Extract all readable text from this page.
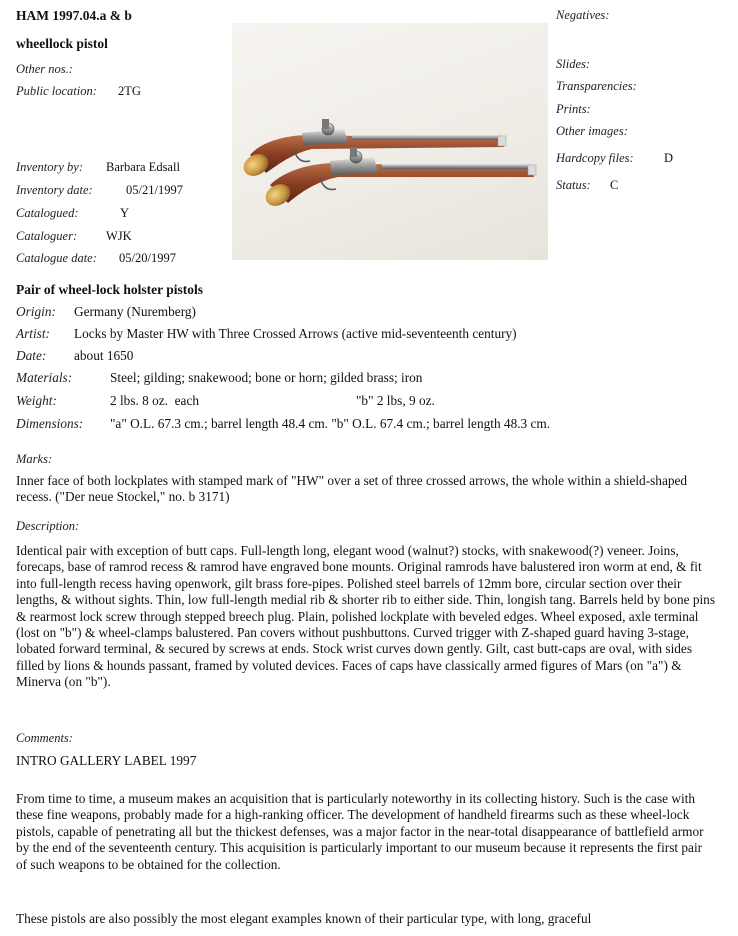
HAM 1997.04.a & b
wheellock pistol
Other nos.:
Public location: 2TG
Inventory by: Barbara Edsall
Inventory date:	05/21/1997
Catalogued:	Y
Cataloguer: WJK
Catalogue date: 05/20/1997
Negatives:
Slides:
Transparencies:
Prints:
Other images:
Hardcopy files: D
Status: C
Pair of wheel-lock holster pistols
Origin: Germany (Nuremberg)
Artist: Locks by Master HW with Three Crossed Arrows (active mid-seventeenth century)
Date: about 1650
Materials:	Steel; gilding; snakewood; bone or horn; gilded brass; iron
Weight:	2 lbs. 8 oz.  each	"b" 2 lbs, 9 oz.
Dimensions: "a" O.L. 67.3 cm.; barrel length 48.4 cm. "b" O.L. 67.4 cm.; barrel length 48.3 cm.
Marks:
Inner face of both lockplates with stamped mark of "HW" over a set of three crossed arrows, the whole within a shield-shaped recess. ("Der neue Stockel," no. b 3171)
Description:
Identical pair with exception of butt caps. Full-length long, elegant wood (walnut?) stocks, with snakewood(?) veneer. Joins, forecaps, base of ramrod recess & ramrod have engraved bone mounts. Original ramrods have balustered iron worm at end, & fit into full-length recess having openwork, gilt brass fore-pipes. Polished steel barrels of 12mm bore, circular section over their lengths, & without sights. Thin, low full-length medial rib & shorter rib to either side. Thin, longish tang. Barrels held by bone pins & rearmost lock screw through stepped breech plug. Plain, polished lockplate with beveled edges. Wheel exposed, axle terminal (lost on "b") & wheel-clamps balustered. Pan covers without pushbuttons. Curved trigger with Z-shaped guard having 3-stage, lobated forward terminal, & secured by screws at ends. Stock wrist curves down gently. Gilt, cast butt-caps are oval, with sides filled by lions & hounds passant, framed by voluted devices. Faces of caps have classically armed figures of Mars (on "a") & Minerva (on "b").
Comments:
INTRO GALLERY LABEL 1997
From time to time, a museum makes an acquisition that is particularly noteworthy in its collecting history. Such is the case with these fine weapons, probably made for a high-ranking officer. The development of handheld firearms such as these wheel-lock pistols, capable of penetrating all but the thickest defenses, was a major factor in the near-total disappearance of battlefield armor by the end of the seventeenth century. This acquisition is particularly important to our museum because it represents the first pair of such weapons to be obtained for the collection.
These pistols are also possibly the most elegant examples known of their particular type, with long, graceful
